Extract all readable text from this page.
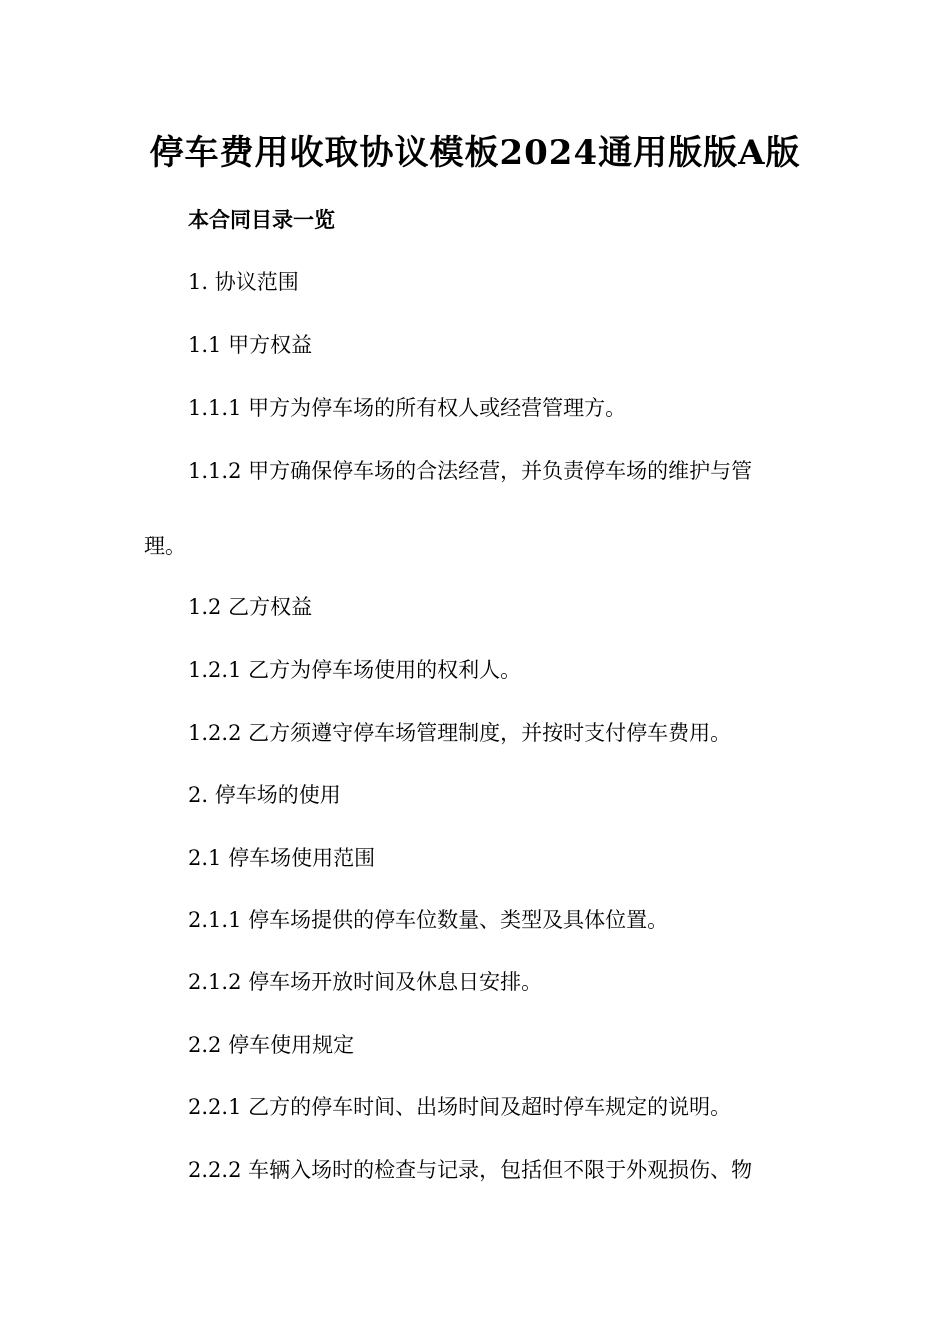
停车费用收取协议模板2024通用版版A版

本合同目录一览

1. 协议范围

1.1 甲方权益

1.1.1 甲方为停车场的所有权人或经营管理方。

1.1.2 甲方确保停车场的合法经营，并负责停车场的维护与管

理。

1.2 乙方权益

1.2.1 乙方为停车场使用的权利人。

1.2.2 乙方须遵守停车场管理制度，并按时支付停车费用。

2. 停车场的使用

2.1 停车场使用范围

2.1.1 停车场提供的停车位数量、类型及具体位置。

2.1.2 停车场开放时间及休息日安排。

2.2 停车使用规定

2.2.1 乙方的停车时间、出场时间及超时停车规定的说明。

2.2.2 车辆入场时的检查与记录，包括但不限于外观损伤、物
